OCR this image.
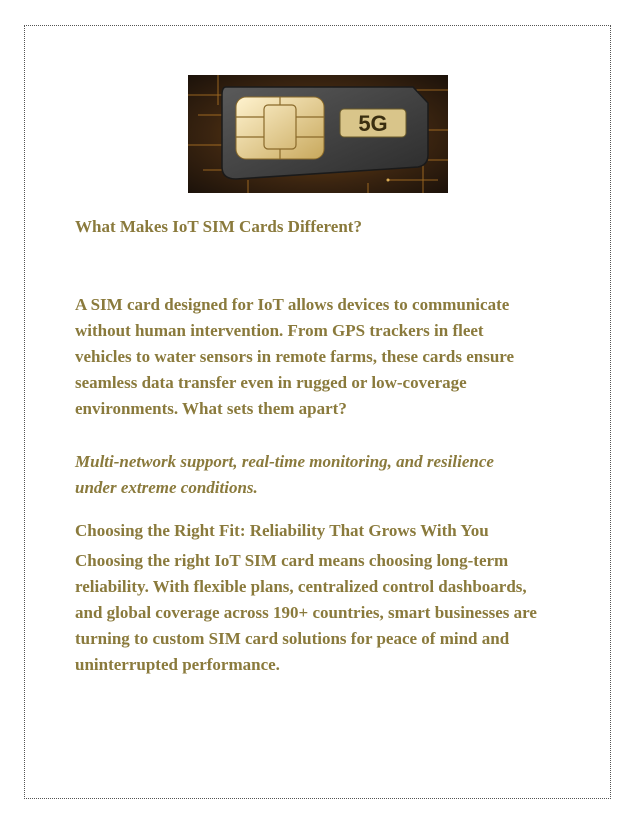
5G
What Makes IoT SIM Cards Different?
A SIM card designed for IoT allows devices to communicate
without human intervention. From GPS trackers in fleet
vehicles to water sensors in remote farms, these cards ensure
seamless data transfer even in rugged or low-coverage
environments. What sets them apart?
Multi-network support, real-time monitoring, and resilience
under extreme conditions.
Choosing the Right Fit: Reliability That Grows With You
Choosing the right IoT SIM card means choosing long-term
reliability. With flexible plans, centralized control dashboards,
and global coverage across 190+ countries, smart businesses are
turning to custom SIM card solutions for peace of mind and
uninterrupted performance.
